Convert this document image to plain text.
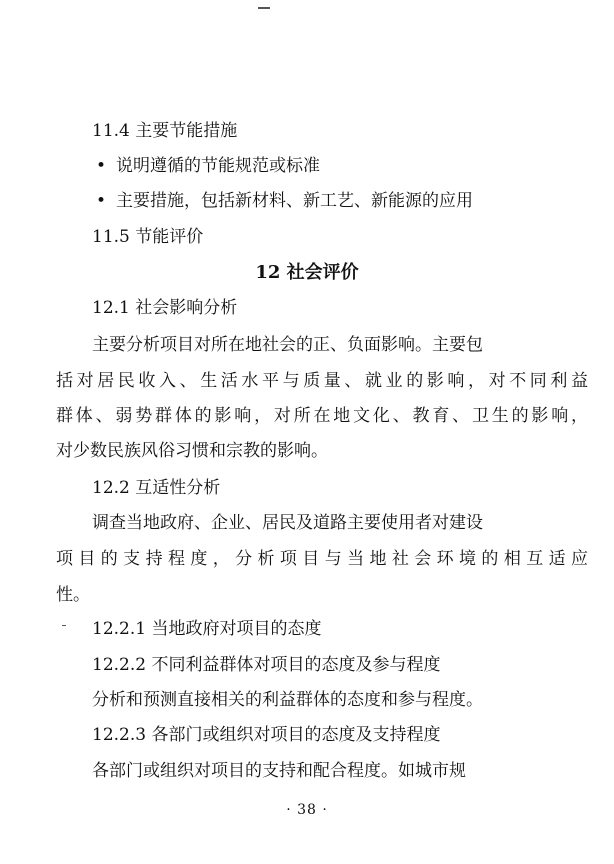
11.4 主要节能措施
• 说明遵循的节能规范或标准
• 主要措施，包括新材料、新工艺、新能源的应用
11.5 节能评价
12 社会评价
12.1 社会影响分析
主要分析项目对所在地社会的正、负面影响。主要包
括对居民收入、生活水平与质量、就业的影响，对不同利益
群体、弱势群体的影响，对所在地文化、教育、卫生的影响，
对少数民族风俗习惯和宗教的影响。
12.2 互适性分析
调查当地政府、企业、居民及道路主要使用者对建设
项目的支持程度，分析项目与当地社会环境的相互适应
性。
12.2.1 当地政府对项目的态度
12.2.2 不同利益群体对项目的态度及参与程度
分析和预测直接相关的利益群体的态度和参与程度。
12.2.3 各部门或组织对项目的态度及支持程度
各部门或组织对项目的支持和配合程度。如城市规
· 38 ·
